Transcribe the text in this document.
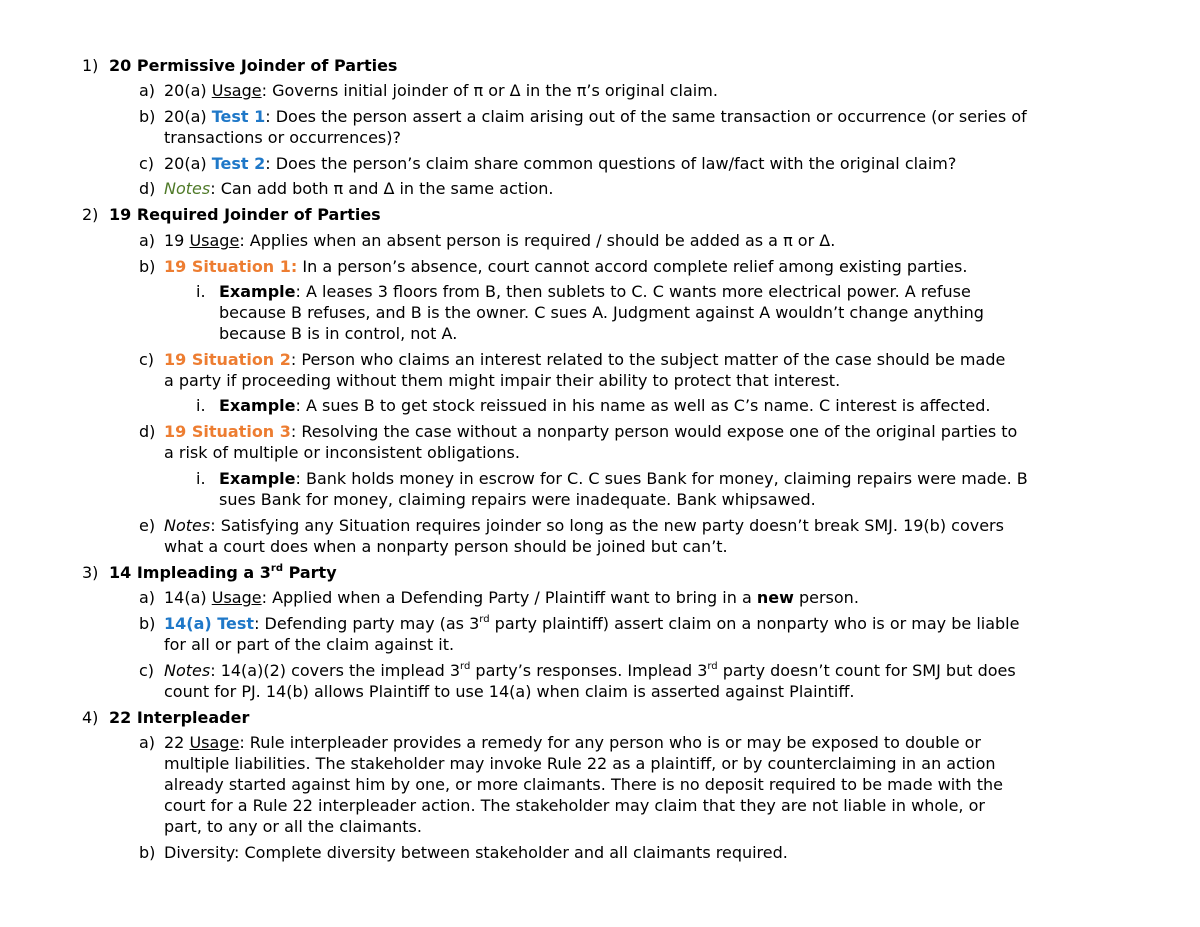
1) 20 Permissive Joinder of Parties
a) 20(a) Usage: Governs initial joinder of π or Δ in the π’s original claim.
b) 20(a) Test 1: Does the person assert a claim arising out of the same transaction or occurrence (or series of
transactions or occurrences)?
c) 20(a) Test 2: Does the person’s claim share common questions of law/fact with the original claim?
d) Notes: Can add both π and Δ in the same action.
2) 19 Required Joinder of Parties
a) 19 Usage: Applies when an absent person is required / should be added as a π or Δ.
b) 19 Situation 1: In a person’s absence, court cannot accord complete relief among existing parties.
i. Example: A leases 3 floors from B, then sublets to C. C wants more electrical power. A refuse
because B refuses, and B is the owner. C sues A. Judgment against A wouldn’t change anything
because B is in control, not A.
c) 19 Situation 2: Person who claims an interest related to the subject matter of the case should be made
a party if proceeding without them might impair their ability to protect that interest.
i. Example: A sues B to get stock reissued in his name as well as C’s name. C interest is affected.
d) 19 Situation 3: Resolving the case without a nonparty person would expose one of the original parties to
a risk of multiple or inconsistent obligations.
i. Example: Bank holds money in escrow for C. C sues Bank for money, claiming repairs were made. B
sues Bank for money, claiming repairs were inadequate. Bank whipsawed.
e) Notes: Satisfying any Situation requires joinder so long as the new party doesn’t break SMJ. 19(b) covers
what a court does when a nonparty person should be joined but can’t.
3) 14 Impleading a 3rd Party
a) 14(a) Usage: Applied when a Defending Party / Plaintiff want to bring in a new person.
b) 14(a) Test: Defending party may (as 3rd party plaintiff) assert claim on a nonparty who is or may be liable
for all or part of the claim against it.
c) Notes: 14(a)(2) covers the implead 3rd party’s responses. Implead 3rd party doesn’t count for SMJ but does
count for PJ. 14(b) allows Plaintiff to use 14(a) when claim is asserted against Plaintiff.
4) 22 Interpleader
a) 22 Usage: Rule interpleader provides a remedy for any person who is or may be exposed to double or
multiple liabilities. The stakeholder may invoke Rule 22 as a plaintiff, or by counterclaiming in an action
already started against him by one, or more claimants. There is no deposit required to be made with the
court for a Rule 22 interpleader action. The stakeholder may claim that they are not liable in whole, or
part, to any or all the claimants.
b) Diversity: Complete diversity between stakeholder and all claimants required.
